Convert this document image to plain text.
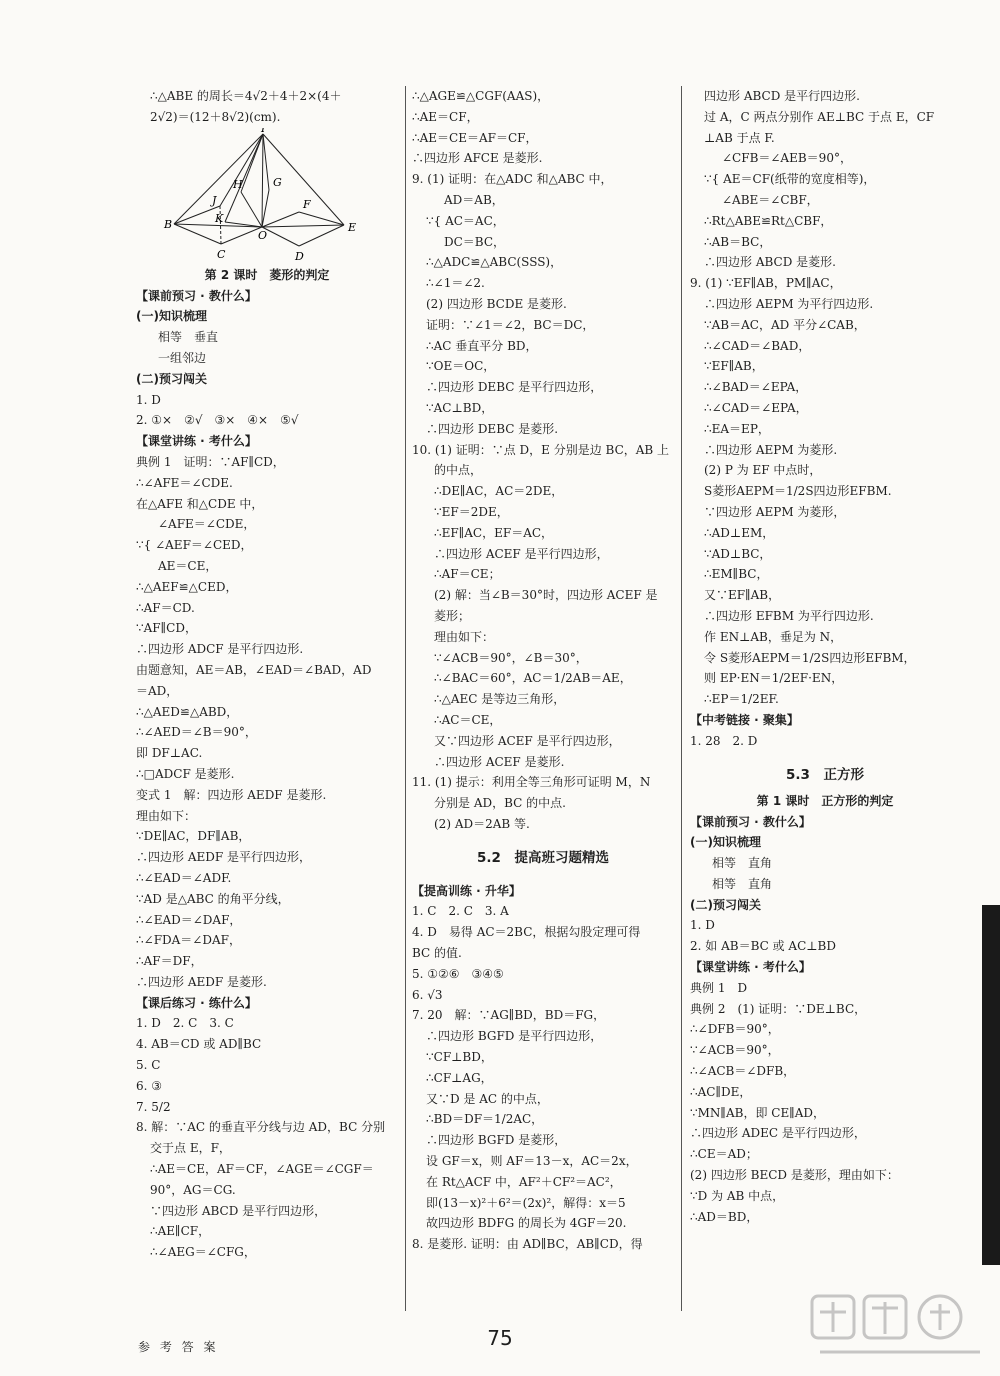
∴△ABE 的周长＝4√2＋4＋2×(4＋
2√2)＝(12＋8√2)(cm).
I
H	G
J
K
F
B
O
E
C	D
第 2 课时　菱形的判定
【课前预习 · 教什么】
(一)知识梳理
相等　垂直
一组邻边
(二)预习闯关
1. D
2. ①×　②√　③×　④×　⑤√
【课堂讲练 · 考什么】
典例 1　证明：∵AF∥CD，
∴∠AFE＝∠CDE.
在△AFE 和△CDE 中，
∠AFE＝∠CDE，
∵{ ∠AEF＝∠CED，
AE＝CE，
∴△AEF≌△CED，
∴AF＝CD.
∵AF∥CD，
∴四边形 ADCF 是平行四边形.
由题意知，AE＝AB，∠EAD＝∠BAD，AD
＝AD，
∴△AED≌△ABD，
∴∠AED＝∠B＝90°，
即 DF⊥AC.
∴□ADCF 是菱形.
变式 1　解：四边形 AEDF 是菱形.
理由如下：
∵DE∥AC，DF∥AB，
∴四边形 AEDF 是平行四边形，
∴∠EAD＝∠ADF.
∵AD 是△ABC 的角平分线，
∴∠EAD＝∠DAF，
∴∠FDA＝∠DAF，
∴AF＝DF，
∴四边形 AEDF 是菱形.
【课后练习 · 练什么】
1. D　2. C　3. C
4. AB＝CD 或 AD∥BC
5. C
6. ③
7. 5/2
8. 解：∵AC 的垂直平分线与边 AD，BC 分别
交于点 E，F，
∴AE＝CE，AF＝CF，∠AGE＝∠CGF＝
90°，AG＝CG.
∵四边形 ABCD 是平行四边形，
∴AE∥CF，
∴∠AEG＝∠CFG，
∴△AGE≌△CGF(AAS)，
∴AE＝CF，
∴AE＝CE＝AF＝CF，
∴四边形 AFCE 是菱形.
9. (1) 证明：在△ADC 和△ABC 中，
AD＝AB，
∵{ AC＝AC，
DC＝BC，
∴△ADC≌△ABC(SSS)，
∴∠1＝∠2.
(2) 四边形 BCDE 是菱形.
证明：∵∠1＝∠2，BC＝DC，
∴AC 垂直平分 BD，
∵OE＝OC，
∴四边形 DEBC 是平行四边形，
∵AC⊥BD，
∴四边形 DEBC 是菱形.
10. (1) 证明：∵点 D，E 分别是边 BC，AB 上
的中点，
∴DE∥AC，AC＝2DE，
∵EF＝2DE，
∴EF∥AC，EF＝AC，
∴四边形 ACEF 是平行四边形，
∴AF＝CE；
(2) 解：当∠B＝30°时，四边形 ACEF 是
菱形；
理由如下：
∵∠ACB＝90°，∠B＝30°，
∴∠BAC＝60°，AC＝1/2AB＝AE，
∴△AEC 是等边三角形，
∴AC＝CE，
又∵四边形 ACEF 是平行四边形，
∴四边形 ACEF 是菱形.
11. (1) 提示：利用全等三角形可证明 M，N
分别是 AD，BC 的中点.
(2) AD＝2AB 等.
5.2　提高班习题精选
【提高训练 · 升华】
1. C　2. C　3. A
4. D　易得 AC＝2BC，根据勾股定理可得
BC 的值.
5. ①②⑥　③④⑤
6. √3
7. 20　解：∵AG∥BD，BD＝FG，
∴四边形 BGFD 是平行四边形，
∵CF⊥BD，
∴CF⊥AG，
又∵D 是 AC 的中点，
∴BD＝DF＝1/2AC，
∴四边形 BGFD 是菱形，
设 GF＝x，则 AF＝13－x，AC＝2x，
在 Rt△ACF 中，AF²＋CF²＝AC²，
即(13－x)²＋6²＝(2x)²，解得：x＝5
故四边形 BDFG 的周长为 4GF＝20.
8. 是菱形. 证明：由 AD∥BC，AB∥CD，得
四边形 ABCD 是平行四边形.
过 A，C 两点分别作 AE⊥BC 于点 E，CF
⊥AB 于点 F.
∠CFB＝∠AEB＝90°，
∵{ AE＝CF(纸带的宽度相等)，
∠ABE＝∠CBF，
∴Rt△ABE≌Rt△CBF，
∴AB＝BC，
∴四边形 ABCD 是菱形.
9. (1) ∵EF∥AB，PM∥AC，
∴四边形 AEPM 为平行四边形.
∵AB＝AC，AD 平分∠CAB，
∴∠CAD＝∠BAD，
∵EF∥AB，
∴∠BAD＝∠EPA，
∴∠CAD＝∠EPA，
∴EA＝EP，
∴四边形 AEPM 为菱形.
(2) P 为 EF 中点时，
S菱形AEPM＝1/2S四边形EFBM.
∵四边形 AEPM 为菱形，
∴AD⊥EM，
∵AD⊥BC，
∴EM∥BC，
又∵EF∥AB，
∴四边形 EFBM 为平行四边形.
作 EN⊥AB，垂足为 N，
令 S菱形AEPM＝1/2S四边形EFBM，
则 EP·EN＝1/2EF·EN，
∴EP＝1/2EF.
【中考链接 · 聚集】
1. 28　2. D
5.3　正方形
第 1 课时　正方形的判定
【课前预习 · 教什么】
(一)知识梳理
相等　直角
相等　直角
(二)预习闯关
1. D
2. 如 AB＝BC 或 AC⊥BD
【课堂讲练 · 考什么】
典例 1　D
典例 2　(1) 证明：∵DE⊥BC，
∴∠DFB＝90°，
∵∠ACB＝90°，
∴∠ACB＝∠DFB，
∴AC∥DE，
∵MN∥AB，即 CE∥AD，
∴四边形 ADEC 是平行四边形，
∴CE＝AD；
(2) 四边形 BECD 是菱形，理由如下：
∵D 为 AB 中点，
∴AD＝BD，
参 考 答 案	75
